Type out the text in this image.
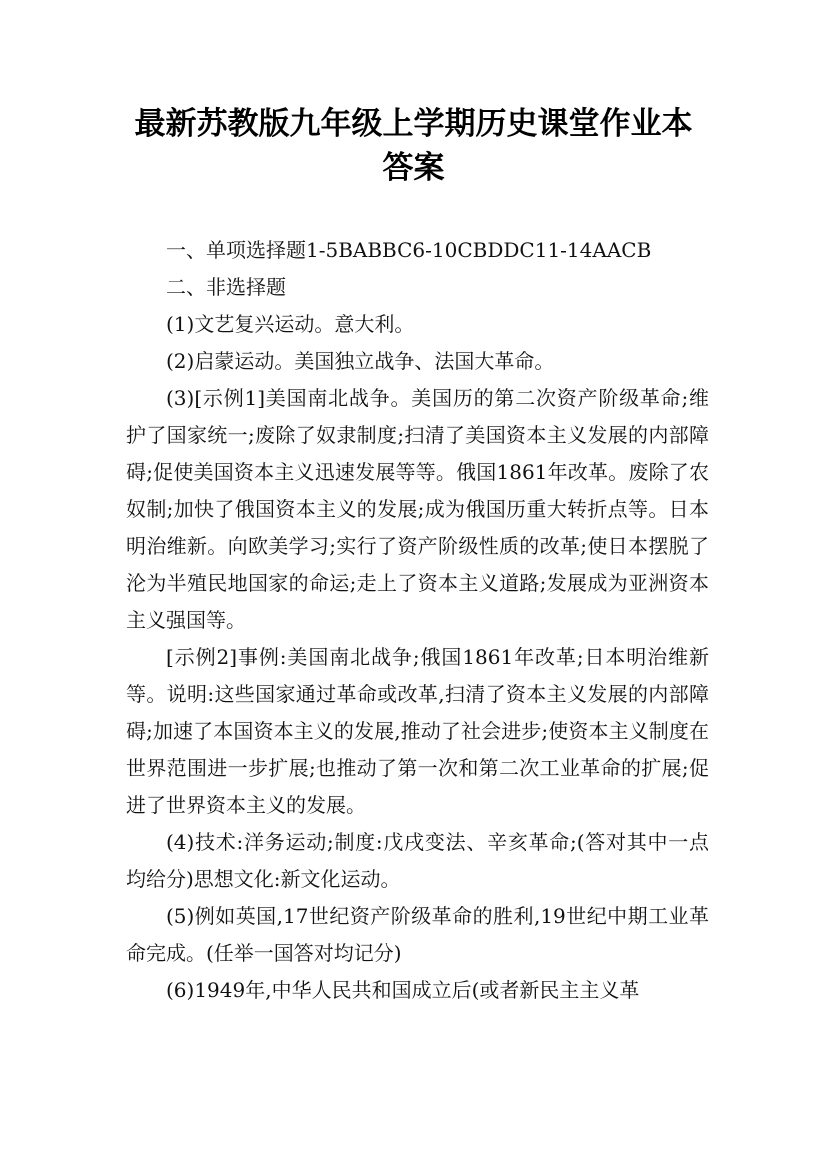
最新苏教版九年级上学期历史课堂作业本
答案

一、单项选择题1-5BABBC6-10CBDDC11-14AACB

二、非选择题

(1)文艺复兴运动。意大利。

(2)启蒙运动。美国独立战争、法国大革命。

(3)[示例1]美国南北战争。美国历的第二次资产阶级革命;维护了国家统一;废除了奴隶制度;扫清了美国资本主义发展的内部障碍;促使美国资本主义迅速发展等等。俄国1861年改革。废除了农奴制;加快了俄国资本主义的发展;成为俄国历重大转折点等。日本明治维新。向欧美学习;实行了资产阶级性质的改革;使日本摆脱了沦为半殖民地国家的命运;走上了资本主义道路;发展成为亚洲资本主义强国等。

[示例2]事例:美国南北战争;俄国1861年改革;日本明治维新等。说明:这些国家通过革命或改革,扫清了资本主义发展的内部障碍;加速了本国资本主义的发展,推动了社会进步;使资本主义制度在世界范围进一步扩展;也推动了第一次和第二次工业革命的扩展;促进了世界资本主义的发展。

(4)技术:洋务运动;制度:戊戌变法、辛亥革命;(答对其中一点均给分)思想文化:新文化运动。

(5)例如英国,17世纪资产阶级革命的胜利,19世纪中期工业革命完成。(任举一国答对均记分)

(6)1949年,中华人民共和国成立后(或者新民主主义革
